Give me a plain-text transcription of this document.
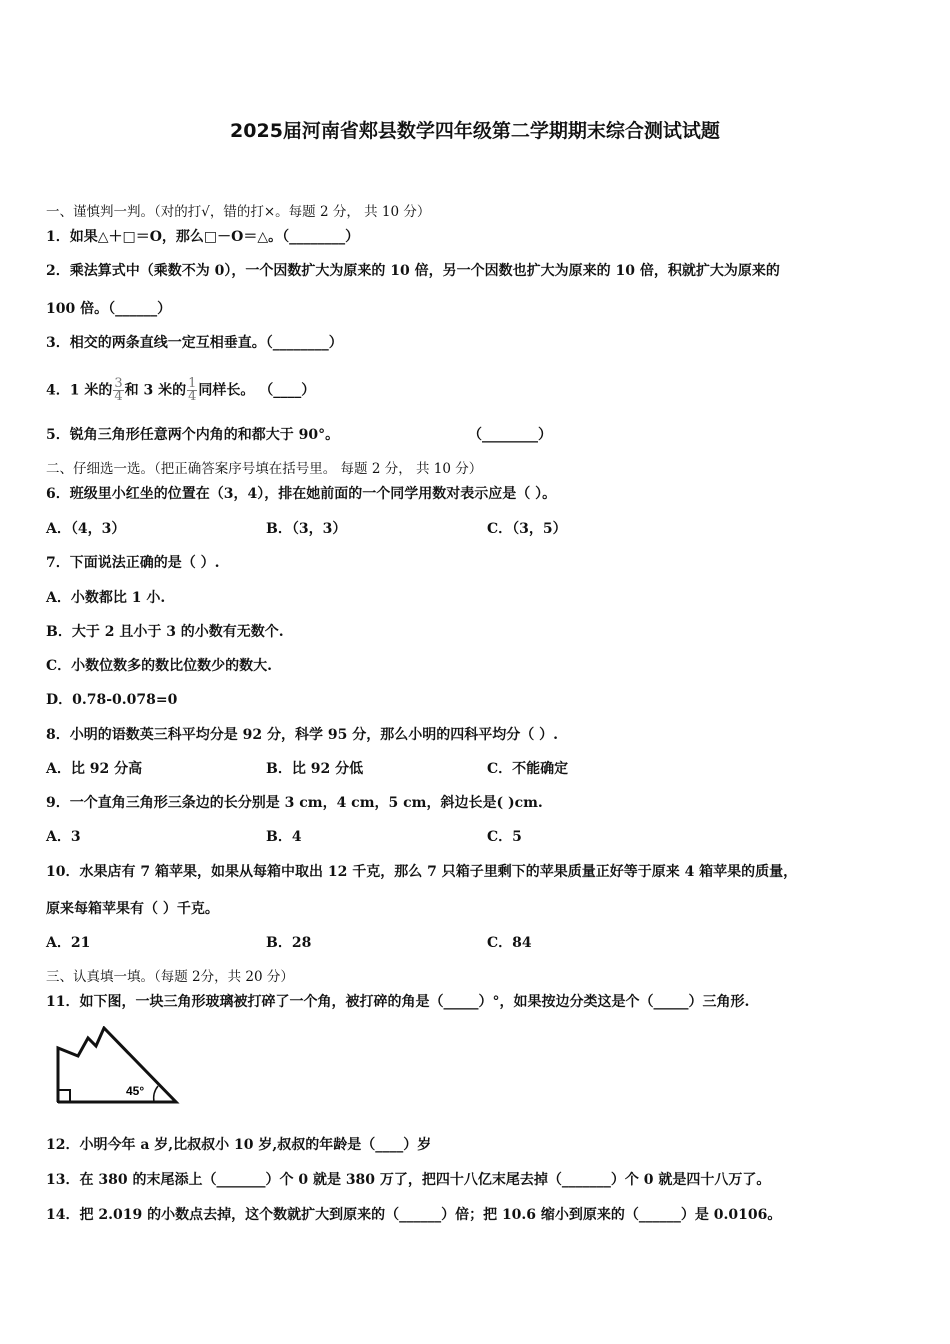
2025届河南省郏县数学四年级第二学期期末综合测试试题
一、谨慎判一判。（对的打√，错的打×。每题 2 分， 共 10 分）
1．如果△＋□＝O，那么□－O＝△。（________）
2．乘法算式中（乘数不为 0），一个因数扩大为原来的 10 倍，另一个因数也扩大为原来的 10 倍，积就扩大为原来的
100 倍。（______）
3．相交的两条直线一定互相垂直。（________）
4．1 米的 $\frac{3}{4}$ 和 3 米的 $\frac{1}{4}$ 同样长。 （____）
5．锐角三角形任意两个内角的和都大于 90°。	（________）
二、仔细选一选。（把正确答案序号填在括号里。 每题 2 分， 共 10 分）
6．班级里小红坐的位置在（3，4），排在她前面的一个同学用数对表示应是（ ）。
A．（4，3）	B．（3，3）	C．（3，5）
7．下面说法正确的是（ ）.
A．小数都比 1 小.
B．大于 2 且小于 3 的小数有无数个.
C．小数位数多的数比位数少的数大.
D．0.78-0.078=0
8．小明的语数英三科平均分是 92 分，科学 95 分，那么小明的四科平均分（ ）.
A．比 92 分高	B．比 92 分低	C．不能确定
9．一个直角三角形三条边的长分别是 3 cm，4 cm，5 cm，斜边长是( )cm.
A．3	B．4	C．5
10．水果店有 7 箱苹果，如果从每箱中取出 12 千克，那么 7 只箱子里剩下的苹果质量正好等于原来 4 箱苹果的质量，
原来每箱苹果有（ ）千克。
A．21	B．28	C．84
三、认真填一填。（每题 2分，共 20 分）
11．如下图，一块三角形玻璃被打碎了一个角，被打碎的角是（_____）°，如果按边分类这是个（_____）三角形.
45°
12．小明今年 a 岁,比叔叔小 10 岁,叔叔的年龄是（____）岁
13．在 380 的末尾添上（_______）个 0 就是 380 万了，把四十八亿末尾去掉（_______）个 0 就是四十八万了。
14．把 2.019 的小数点去掉，这个数就扩大到原来的（______）倍；把 10.6 缩小到原来的（______）是 0.0106。
